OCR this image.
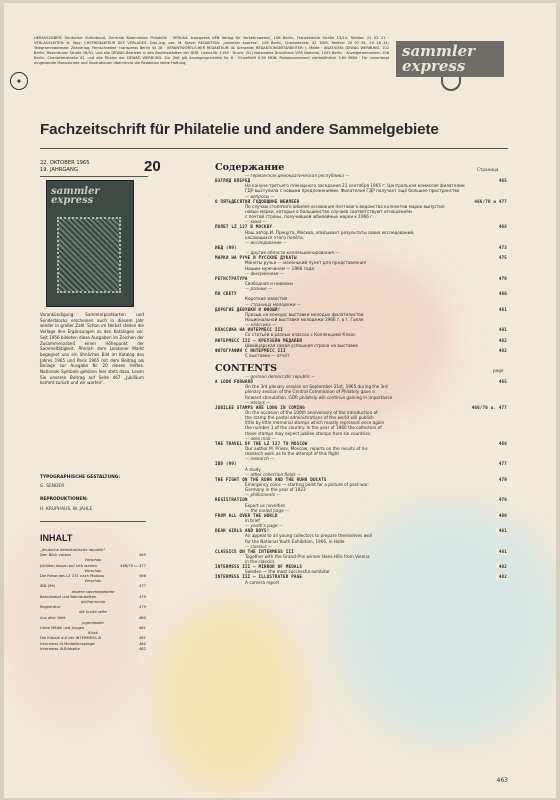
✦
HERAUSGEBER: Deutscher Kulturbund, Zentrale Kommission Philatelie · VERLAG: transpress VEB Verlag für Verkehrswesen, 108 Berlin, Französische Straße 13/14, Telefon: 22 03 21 · VERLAGSLEITER: H. Stoy; CHEFREDAKTEUR DES VERLAGES: Dipl.-Ing. oec. M. Kleve; REDAKTION: „sammler express“, 108 Berlin, Charlottenstr. 42, DDR, Telefon: 20 07 81, 20 18 31; Telegrammadresse: Zeitverlag; Fernschreiber: transpress Berlin 44 18 · VERANTWORTLICHER REDAKTEUR: W. Schwede; REDAKTIONSMITARBEITER: J. Matte · ANZEIGEN: DEWAG WERBUNG, 102 Berlin, Rosenthaler Straße 28/31, und alle DEWAG-Betriebe in den Bezirksstädten der DDR. Lizenz-Nr. 1150 · Druck: (52) Nationales Druckhaus VOB National, 1055 Berlin · Anzeigenannahme: 108 Berlin, Charlottenstraße 42, und alle Filialen der DEWAG WERBUNG. Zur Zeit gilt Anzeigenpreisliste Nr. 6 · Einzelheft 0,50 MDN. Postabonnement vierteljährlich 3,60 MDN · Für unverlangt eingesandte Manuskripte und Illustrationen übernimmt die Redaktion keine Haftung.
sammler
express
Fachzeitschrift für Philatelie und andere Sammelgebiete
22. OKTOBER 1965
19. JAHRGANG	20
sammler
express
Vorankündigung: Sammlerpostkarten und Sonderblocks erscheinen auch in diesem Jahr wieder in großer Zahl. Schon im Herbst stellen die Verlage ihre Ergänzungen zu den Katalogen vor. Seit 1956 bildeten diese Ausgaben im Zeichen der Zusammenarbeit einen Höhepunkt der Sammeltätigkeit. Ähnlich dem Londoner Markt begegnet uns ein ähnliches Bild im Katalog des Jahres 1965 und Paris 1965 mit dem Beitrag als Beilage zur Ausgabe Nr. 20 dieses Heftes. Nationale Symbole gehören hier stets dazu. Lesen Sie unseren Beitrag auf Seite 467 „Jubiläum kommt zurück und wir warten“.
TYPOGRAPHISCHE GESTALTUNG:
G. SENDER
REPRODUKTIONEN:
H. KRUPHAUS, W. JAHLE
INHALT
„deutsche demokratische republik“
Den Blick voraus	465
Vorschau
Jubiläen lassen auf sich warten	466/70 u. 477
Vorschau
Die Reise des LZ 131 nach Moskau	466
Vorschau
IBD (99)	477
andere sammelgebiete
Bahnkampf und Bahnbuketten	479
philharmonie
Registratur	479
die bunte seite
Aus aller Welt	480
Jugendseite
Liebe Mädel und Jungen	481
Kiosk
Die Klassik auf der INTERMESS III	481
Intermess III-Medaillenspiegel	482
Intermess-III-Bildseite	482
Содержание	Страница
— германская демократическая республика —
ВЗГЛЯД ВПЕРЕД	465
На кануне третьего пленарного заседания 21 сентября 1965 г. Центральная комиссия филателии
ГДР выступила с новыми предложениями. Филателия ГДР получает ещё большее пространство
— вопросы —
О ПЯТЬДЕСЯТОЙ ГОДОВЩИНЕ ЮБИЛЕЕВ	466/70 и 477
По случаю стопятого юбилея основания почтового ведомства коллектив марок выпустил
новые марки, которые в большинстве случаев соответствуют отношениям
с почтой страны, получившей юбилейные марки к 1966 г.
— кино —
ПОЛЕТ LZ 127 В МОСКВУ	468
Наш автор И. Прецута, Москва, описывает результаты своих исследований,
касающихся этого полёта.
— исследование —
ИБД (99)	473
— другие области коллекционирования —
МАРКИ НА РУЧЕ И РУССКИЕ ДУКАТЫ	475
Монеты ручья — маленький пункт для представления
Нашим мужчинам — 1966 года
— филуменизм —
РЕГИСТРАТУРА	479
Свободная и новинки
— разные —
ПО СВЕТУ	480
Короткие известия
— страница молодежи —
ДОРОГИЕ ДЕВУШКИ И ЮНОШИ!	481
Призыв на конкурс выставки молодых филателистов
Национальной выставке молодежи 1966 г. в г. Галле
— классика —
КЛАССИКА НА ИНТЕРМЕСС III	481
Со статьёй в разных классах с Коллекцией Клоос
ИНТЕРМЕСС III — КРЕУЗЕЙН МЕДАЛЕЙ	482
Швейцарская самая успешная страна на выставке
ФОТОГРАФИИ С ИНТЕРМЕСС III	482
С выставки — отчёт
CONTENTS	page
— german democratic republic —
A LOOK FORWARD	465
On the 3rd plenary session on September 21st, 1965 during the 3rd
plenary session of the Central Commission of Philately gave a
forward stimulation. GDR philately will continue gaining in importance
— essays —
JUBILEE STAMPS ARE LONG IN COMING	466/70 a. 477
On the occasion of the 100th anniversary of the introduction of
the stamp the postal administrations of the world will publish
little by little memorial stamps which mostly represent once again
the number 1 of the country. In the year of 1966 the collectors of
these stamps may expect jubilee stamps from six countries
— aero mail —
THE TRAVEL OF THE LZ 127 TO MOSCOW	468
Our author M. Prisov, Moscow, reports on the results of his
research work as to the attempt of this flight
— research —
IBD (99)	477
A study
— other collection fields —
THE FIGHT ON THE RUHR AND THE RUHR DUCATS	479
Emergency coins — starting point for a picture of post-war-
Germany in the year of 1923
— philluments —
REGISTRATION	479
Export us novelties
— the varied page —
FROM ALL OVER THE WORLD	480
In brief
— youth's page —
DEAR GIRLS AND BOYS!	481
An appeal to all young collectors to prepare themselves well
for the National Youth Exhibition, 1966, in Halle
— classics —
CLASSICS ON THE INTERMESS III	481
Together with the Grand-Prix winner Hans Hills from Vienna
in the classics
INTERMESS III — MIRROR OF MEDALS	482
Sweden — the most successful exhibitor
INTERMESS III — ILLUSTRATED PAGE	482
A camera report
463
